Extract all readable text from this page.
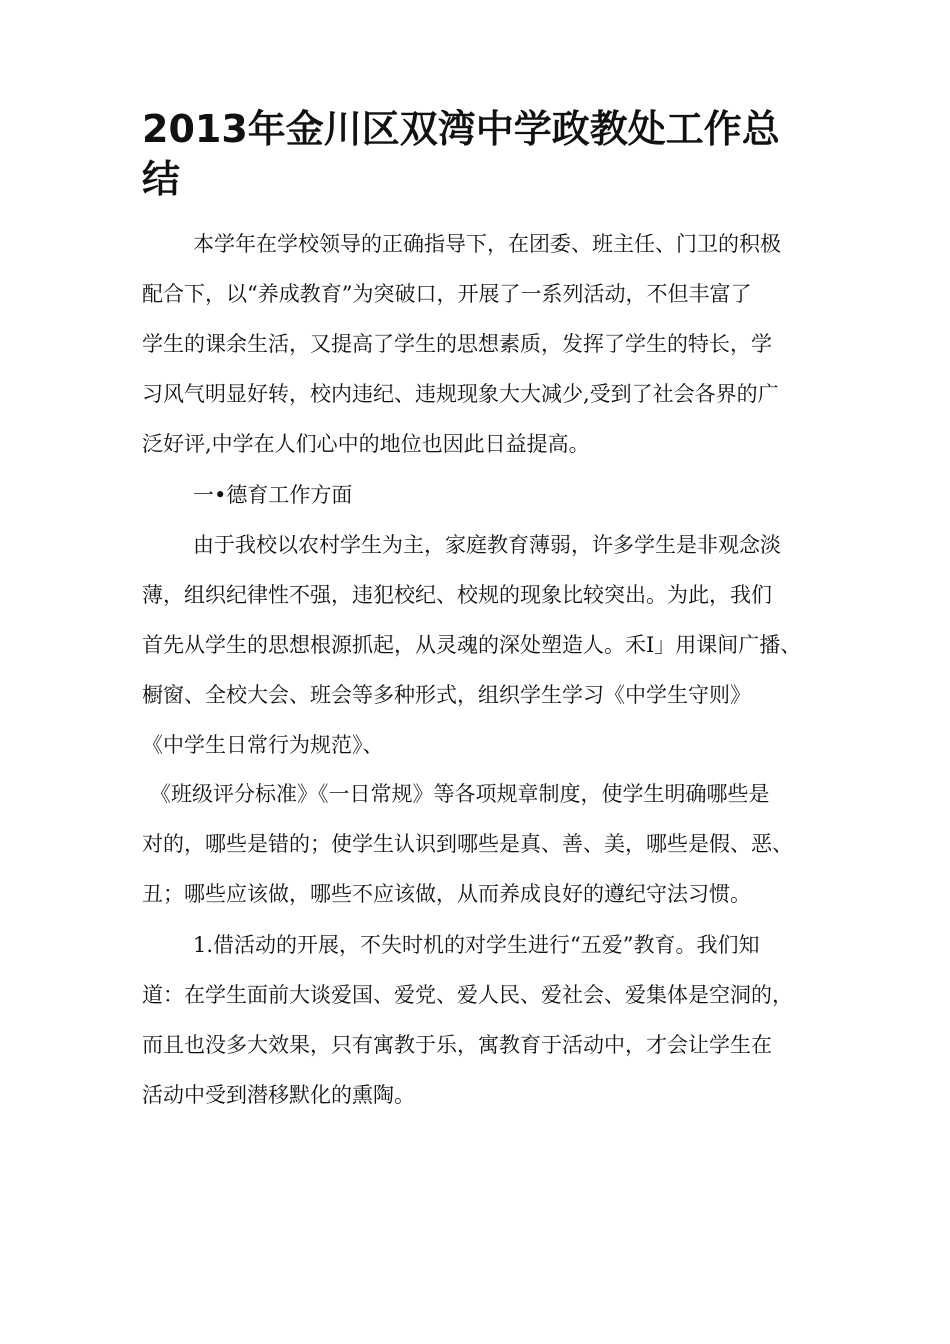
2013年金川区双湾中学政教处工作总
结

本学年在学校领导的正确指导下，在团委、班主任、门卫的积极

配合下，以“养成教育”为突破口，开展了一系列活动，不但丰富了

学生的课余生活，又提高了学生的思想素质，发挥了学生的特长，学

习风气明显好转，校内违纪、违规现象大大减少,受到了社会各界的广

泛好评,中学在人们心中的地位也因此日益提高。

一•德育工作方面

由于我校以农村学生为主，家庭教育薄弱，许多学生是非观念淡

薄，组织纪律性不强，违犯校纪、校规的现象比较突出。为此，我们

首先从学生的思想根源抓起，从灵魂的深处塑造人。禾I」用课间广播、

橱窗、全校大会、班会等多种形式，组织学生学习《中学生守则》

《中学生日常行为规范》、

《班级评分标准》《一日常规》等各项规章制度，使学生明确哪些是

对的，哪些是错的；使学生认识到哪些是真、善、美，哪些是假、恶、

丑；哪些应该做，哪些不应该做，从而养成良好的遵纪守法习惯。

1.借活动的开展，不失时机的对学生进行“五爱”教育。我们知

道：在学生面前大谈爱国、爱党、爱人民、爱社会、爱集体是空洞的，

而且也没多大效果，只有寓教于乐，寓教育于活动中，才会让学生在

活动中受到潜移默化的熏陶。
